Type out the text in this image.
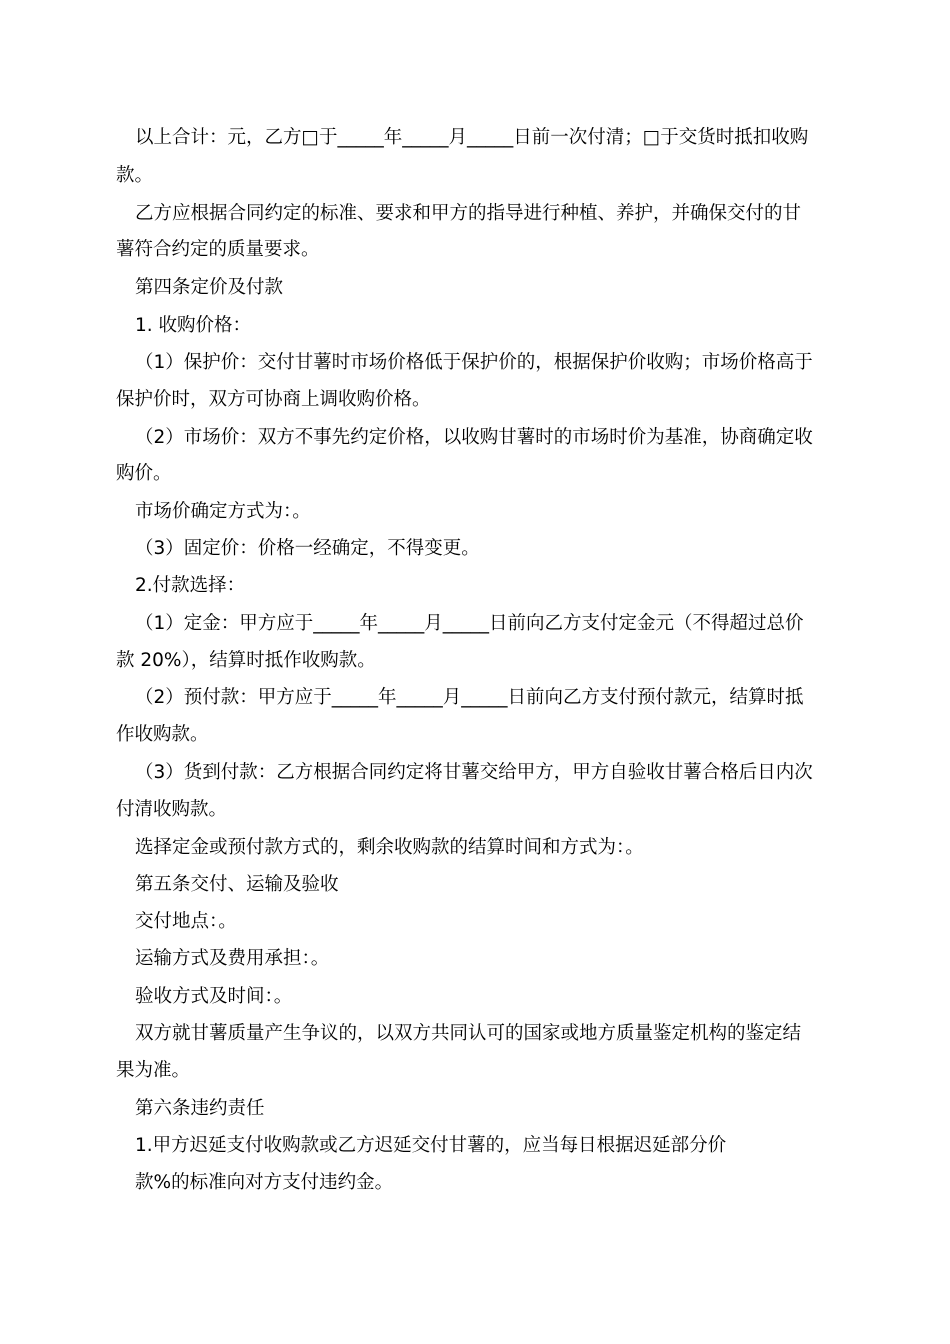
以上合计：元，乙方□于_____年_____月_____日前一次付清；□于交货时抵扣收购
款。
乙方应根据合同约定的标准、要求和甲方的指导进行种植、养护，并确保交付的甘
薯符合约定的质量要求。
第四条定价及付款
1. 收购价格：
（1）保护价：交付甘薯时市场价格低于保护价的，根据保护价收购；市场价格高于
保护价时，双方可协商上调收购价格。
（2）市场价：双方不事先约定价格，以收购甘薯时的市场时价为基准，协商确定收
购价。
市场价确定方式为：。
（3）固定价：价格一经确定，不得变更。
2.付款选择：
（1）定金：甲方应于_____年_____月_____日前向乙方支付定金元（不得超过总价
款 20%），结算时抵作收购款。
（2）预付款：甲方应于_____年_____月_____日前向乙方支付预付款元，结算时抵
作收购款。
（3）货到付款：乙方根据合同约定将甘薯交给甲方，甲方自验收甘薯合格后日内次
付清收购款。
选择定金或预付款方式的，剩余收购款的结算时间和方式为：。
第五条交付、运输及验收
交付地点：。
运输方式及费用承担：。
验收方式及时间：。
双方就甘薯质量产生争议的，以双方共同认可的国家或地方质量鉴定机构的鉴定结
果为准。
第六条违约责任
1.甲方迟延支付收购款或乙方迟延交付甘薯的，应当每日根据迟延部分价
款%的标准向对方支付违约金。
